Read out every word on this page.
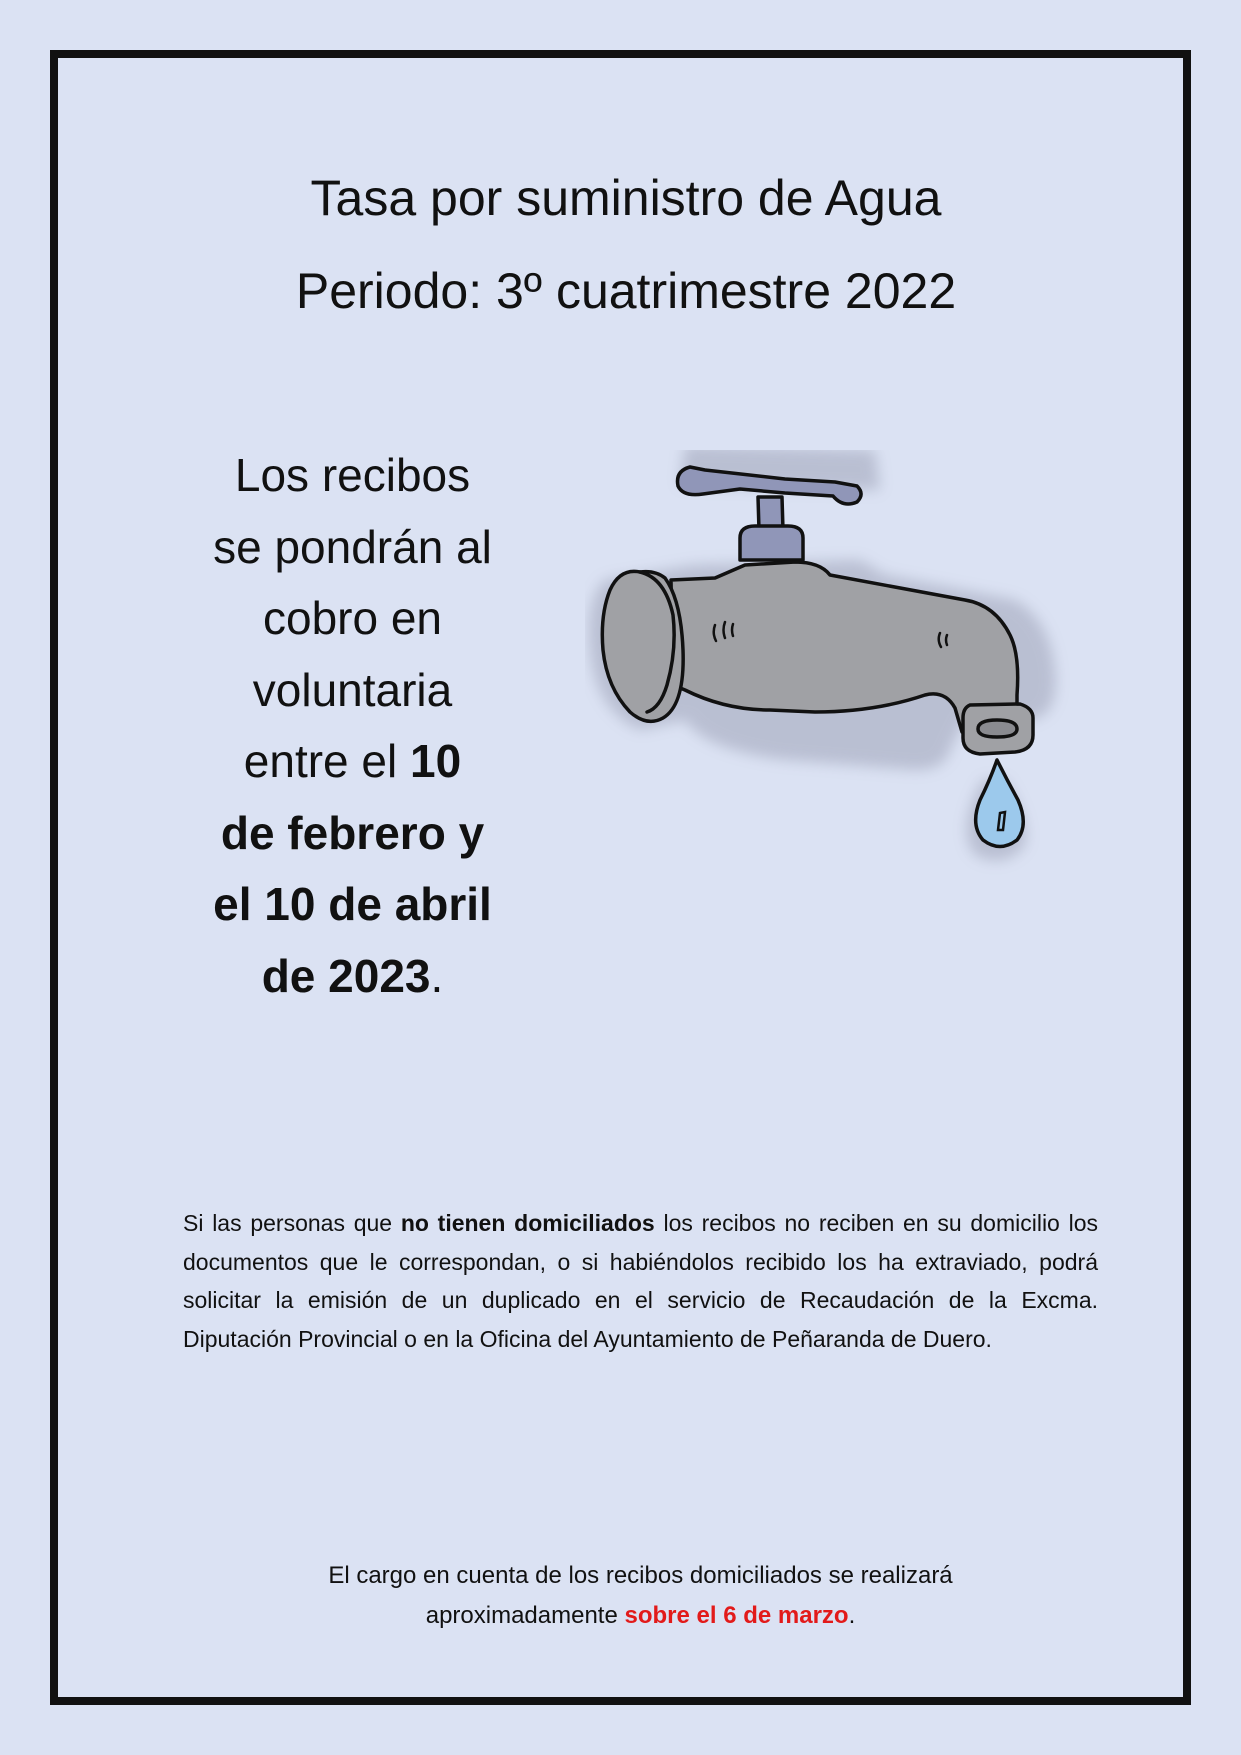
Tasa por suministro de Agua
Periodo: 3º cuatrimestre 2022
Los recibos
se pondrán al
cobro en
voluntaria
entre el 10
de febrero y
el 10 de abril
de 2023.
Si las personas que no tienen domiciliados los recibos no reciben en su domicilio los documentos que le correspondan, o si habiéndolos recibido los ha extraviado, podrá solicitar la emisión de un duplicado en el servicio de Recaudación de la Excma. Diputación Provincial o en la Oficina del Ayuntamiento de Peñaranda de Duero.
El cargo en cuenta de los recibos domiciliados se realizará
aproximadamente sobre el 6 de marzo.
